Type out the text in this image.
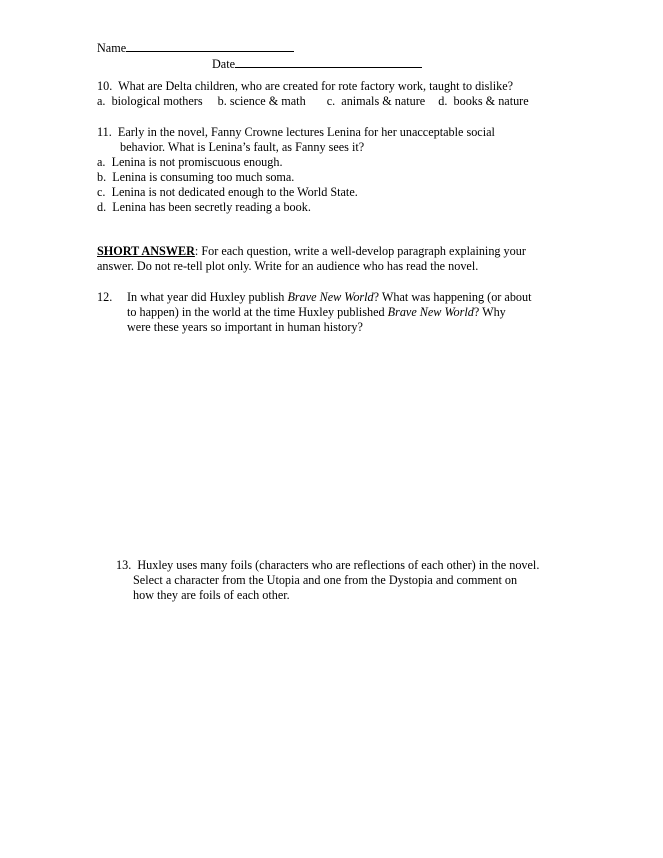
Name
Date
10. What are Delta children, who are created for rote factory work, taught to dislike?
a. biological mothers b. science & math c. animals & nature d. books & nature
11. Early in the novel, Fanny Crowne lectures Lenina for her unacceptable social
behavior. What is Lenina’s fault, as Fanny sees it?
a. Lenina is not promiscuous enough.
b. Lenina is consuming too much soma.
c. Lenina is not dedicated enough to the World State.
d. Lenina has been secretly reading a book.
SHORT ANSWER: For each question, write a well-develop paragraph explaining your
answer. Do not re-tell plot only. Write for an audience who has read the novel.
12. In what year did Huxley publish Brave New World? What was happening (or about
to happen) in the world at the time Huxley published Brave New World? Why
were these years so important in human history?
13. Huxley uses many foils (characters who are reflections of each other) in the novel.
Select a character from the Utopia and one from the Dystopia and comment on
how they are foils of each other.
